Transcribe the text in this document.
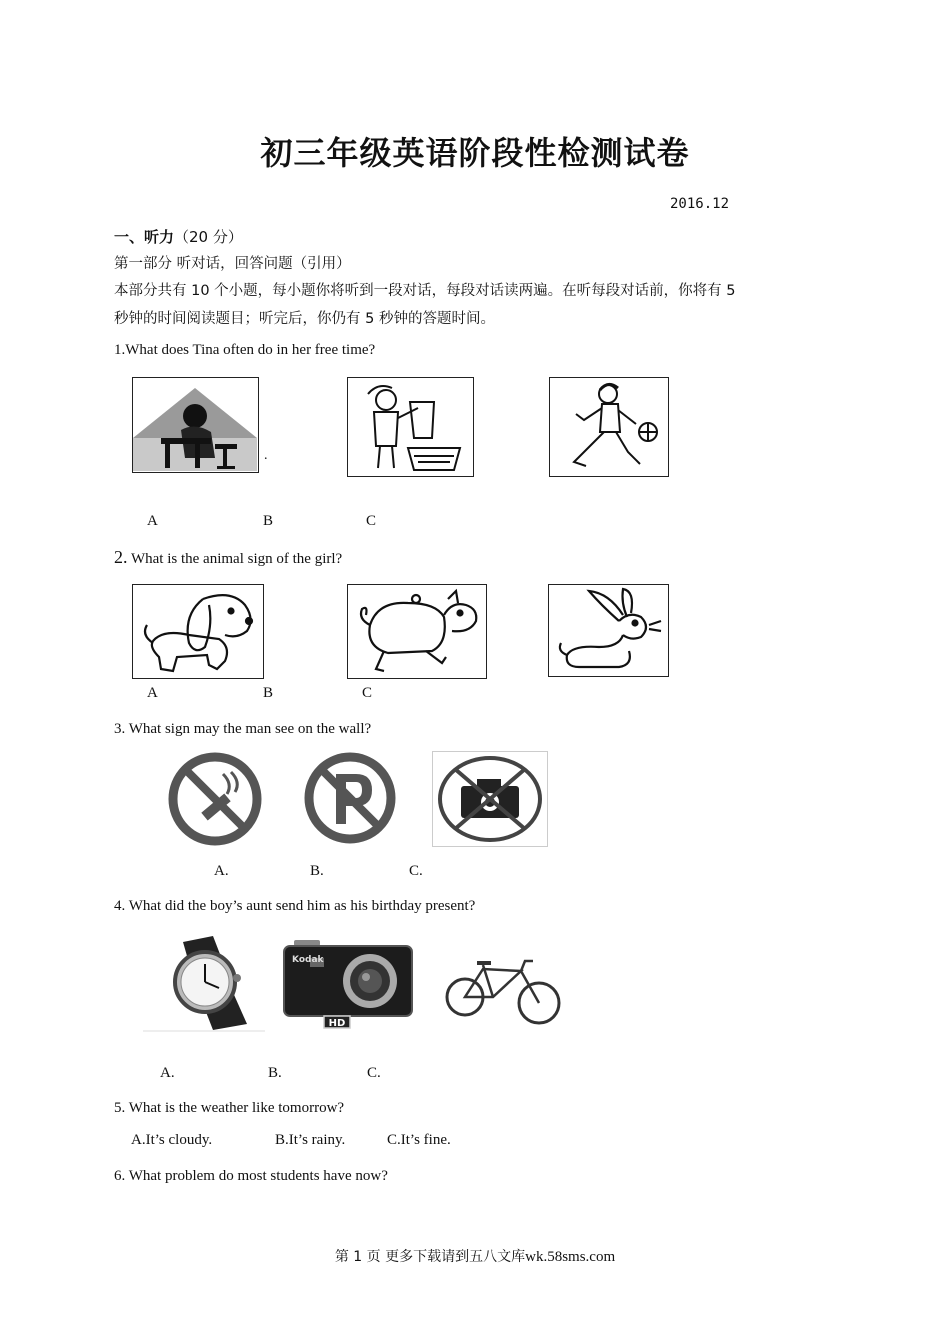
初三年级英语阶段性检测试卷
2016.12
一、听力（20 分）
第一部分 听对话，回答问题（引用）
本部分共有 10 个小题，每小题你将听到一段对话，每段对话读两遍。在听每段对话前，你将有 5
秒钟的时间阅读题目；听完后，你仍有 5 秒钟的答题时间。
1.What does Tina often do in her free time?
.
A	B	C
2. What is the animal sign of the girl?
A	B	C
3. What sign may the man see on the wall?
A.	B.	C.
4. What did the boy’s aunt send him as his birthday present?
Kodak
HD
A.	B.	C.
5. What is the weather like tomorrow?
A.It’s cloudy.	B.It’s rainy.	C.It’s fine.
6. What problem do most students have now?
第 1 页 更多下载请到五八文库wk.58sms.com
